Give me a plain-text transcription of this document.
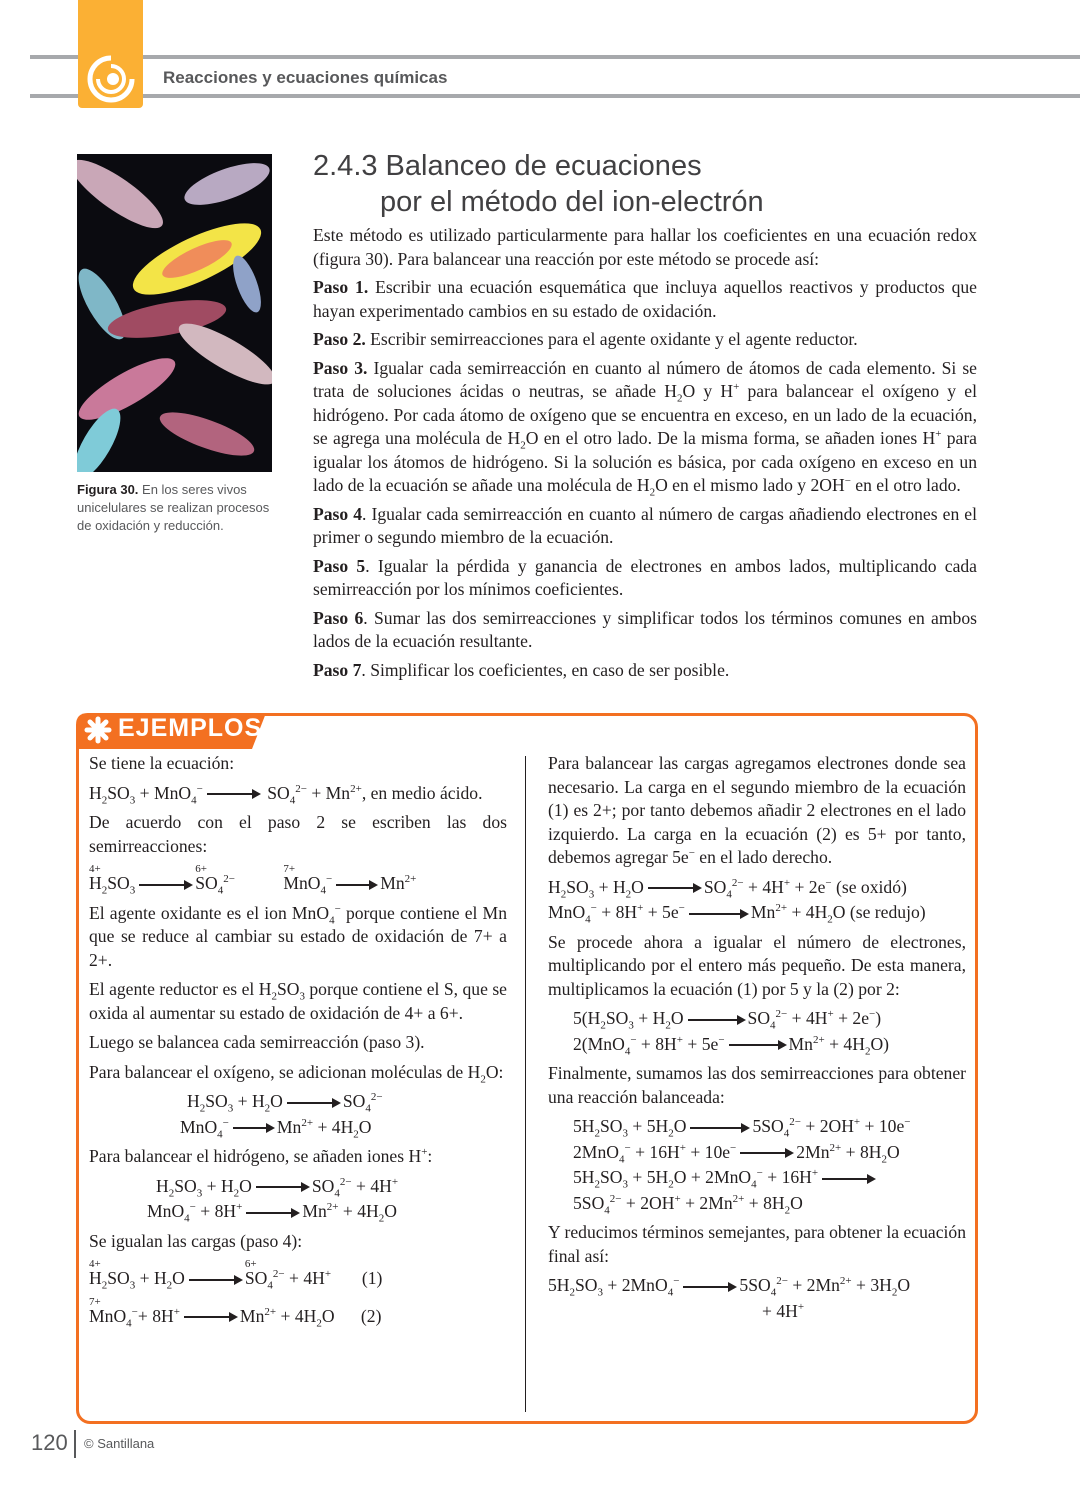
Reacciones y ecuaciones químicas
Figura 30. En los seres vivos unicelulares se realizan procesos de oxidación y reducción.
2.4.3 Balanceo de ecuaciones
por el método del ion-electrón

Este método es utilizado particularmente para hallar los coeficientes en una ecuación redox (figura 30). Para balancear una reacción por este método se procede así:

Paso 1. Escribir una ecuación esquemática que incluya aquellos reactivos y productos que hayan experimentado cambios en su estado de oxidación.

Paso 2. Escribir semirreacciones para el agente oxidante y el agente reductor.

Paso 3. Igualar cada semirreacción en cuanto al número de átomos de cada elemento. Si se trata de soluciones ácidas o neutras, se añade $H_2O$ y H+ para balancear el oxígeno y el hidrógeno. Por cada átomo de oxígeno que se encuentra en exceso, en un lado de la ecuación, se agrega una molécula de $H_2O$ en el otro lado. De la misma forma, se añaden iones H+ para igualar los átomos de hidrógeno. Si la solución es básica, por cada oxígeno en exceso en un lado de la ecuación se añade una molécula de $H_2O$ en el mismo lado y 2OH− en el otro lado.

Paso 4. Igualar cada semirreacción en cuanto al número de cargas añadiendo electrones en el primer o segundo miembro de la ecuación.

Paso 5. Igualar la pérdida y ganancia de electrones en ambos lados, multiplicando cada semirreacción por los mínimos coeficientes.

Paso 6. Sumar las dos semirreacciones y simplificar todos los términos comunes en ambos lados de la ecuación resultante.

Paso 7. Simplificar los coeficientes, en caso de ser posible.

EJEMPLOS

Se tiene la ecuación:

$H_2SO_3 + MnO_4^-$	$SO_4^{2-} + Mn^{2+}$, en medio ácido.

De acuerdo con el paso 2 se escriben las dos semirreacciones:

4+
$H_2SO_3$
6+
$SO_4^{2-}$
7+
MnO$_4$−	$Mn^{2+}$

El agente oxidante es el ion MnO$_4$− porque contiene el Mn que se reduce al cambiar su estado de oxidación de 7+ a 2+.

El agente reductor es el $H_2SO_3$ porque contiene el S, que se oxida al aumentar su estado de oxidación de 4+ a 6+.

Luego se balancea cada semirreacción (paso 3).

Para balancear el oxígeno, se adicionan moléculas de $H_2O$:

$H_2SO_3 + H_2O$	$SO_4^{2-}$

MnO$_4$−	$Mn^{2+} + 4H_2O$

Para balancear el hidrógeno, se añaden iones H+:

$H_2SO_3 + H_2O$	$SO_4^{2-} + 4H^+$

MnO$_4$− + 8H+	$Mn^{2+} + 4H_2O$

Se igualan las cargas (paso 4):

4+
$H_2SO_3 + H_2O$
6+
$SO_4^{2-} + 4H^+$       (1)

7+
MnO$_4$−+ 8H+	$Mn^{2+} + 4H_2O$      (2)

Para balancear las cargas agregamos electrones donde sea necesario. La carga en el segundo miembro de la ecuación (1) es 2+; por tanto debemos añadir 2 electrones en el lado izquierdo. La carga en la ecuación (2) es 5+ por tanto, debemos agregar 5e− en el lado derecho.

$H_2SO_3 + H_2O$	$SO_4^{2-} + 4H^+ + 2e^-$ (se oxidó)

MnO$_4$− + 8H+ + 5e−	$Mn^{2+} + 4H_2O$ (se redujo)

Se procede ahora a igualar el número de electrones, multiplicando por el entero más pequeño. De esta manera, multiplicamos la ecuación (1) por 5 y la (2) por 2:

$5(H_2SO_3 + H_2O$	$SO_4^{2-} + 4H^+ + 2e^-$)

2(MnO$_4$− + 8H+ + 5e−	$Mn^{2+} + 4H_2O$)

Finalmente, sumamos las dos semirreacciones para obtener una reacción balanceada:

$5H_2SO_3 + 5H_2O$	$5SO_4^{2-} + 2OH^+ + 10e^-$

2MnO$_4$− + 16H+ + 10e−	$2Mn^{2+} + 8H_2O$

$5H_2SO_3 + 5H_2O + 2MnO_4^- + 16H^+$

$5SO_4^{2-} + 2OH^+ + 2Mn^{2+} + 8H_2O$

Y reducimos términos semejantes, para obtener la ecuación final así:

$5H_2SO_3 + 2MnO_4^-$	$5SO_4^{2-} + 2Mn^{2+} + 3H_2O$

+ 4H+

120 © Santillana
